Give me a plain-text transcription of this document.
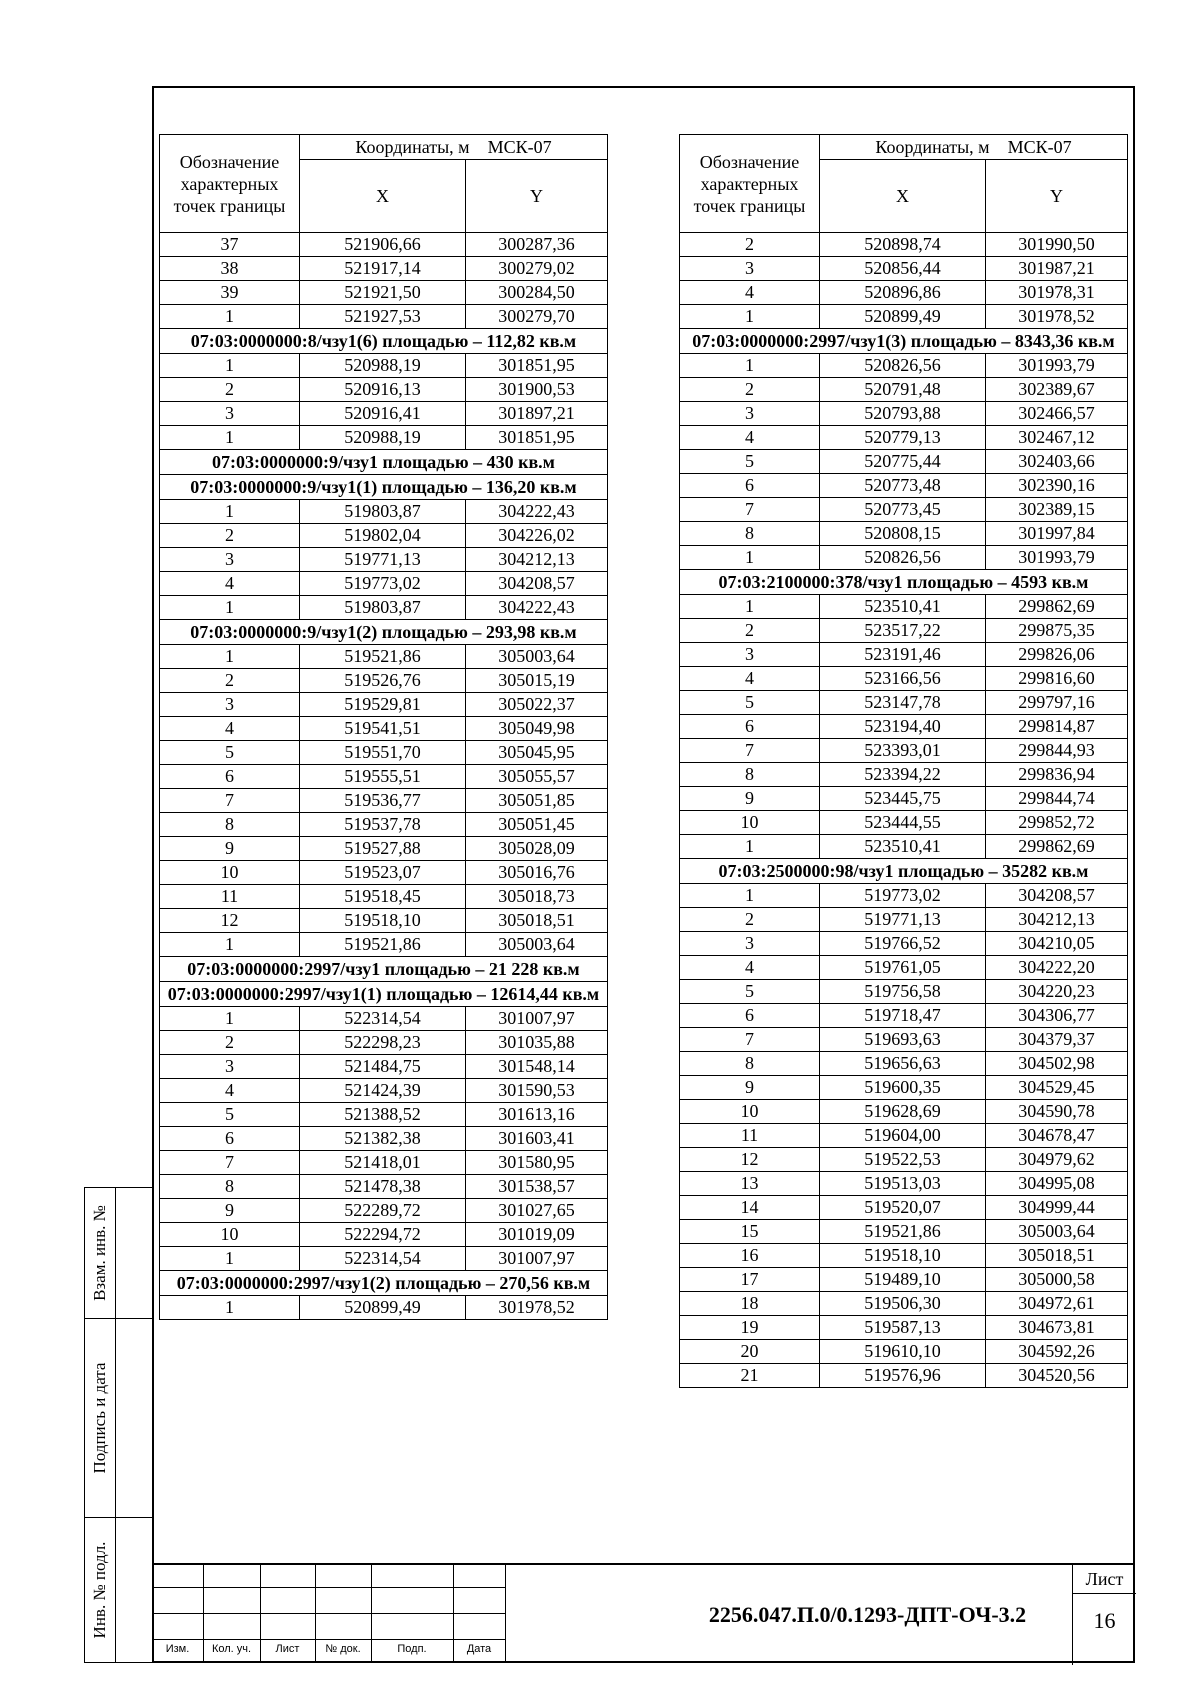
Обозначение характерных точек границы	Координаты, м МСК-07	
	X	Y
37	521906,66	300287,36
38	521917,14	300279,02
39	521921,50	300284,50
1	521927,53	300279,70
07:03:0000000:8/чзу1(6) площадью – 112,82 кв.м		
1	520988,19	301851,95
2	520916,13	301900,53
3	520916,41	301897,21
1	520988,19	301851,95
07:03:0000000:9/чзу1 площадью – 430 кв.м		
07:03:0000000:9/чзу1(1) площадью – 136,20 кв.м		
1	519803,87	304222,43
2	519802,04	304226,02
3	519771,13	304212,13
4	519773,02	304208,57
1	519803,87	304222,43
07:03:0000000:9/чзу1(2) площадью – 293,98 кв.м		
1	519521,86	305003,64
2	519526,76	305015,19
3	519529,81	305022,37
4	519541,51	305049,98
5	519551,70	305045,95
6	519555,51	305055,57
7	519536,77	305051,85
8	519537,78	305051,45
9	519527,88	305028,09
10	519523,07	305016,76
11	519518,45	305018,73
12	519518,10	305018,51
1	519521,86	305003,64
07:03:0000000:2997/чзу1 площадью – 21 228 кв.м		
07:03:0000000:2997/чзу1(1) площадью – 12614,44 кв.м		
1	522314,54	301007,97
2	522298,23	301035,88
3	521484,75	301548,14
4	521424,39	301590,53
5	521388,52	301613,16
6	521382,38	301603,41
7	521418,01	301580,95
8	521478,38	301538,57
9	522289,72	301027,65
10	522294,72	301019,09
1	522314,54	301007,97
07:03:0000000:2997/чзу1(2) площадью – 270,56 кв.м		
1	520899,49	301978,52
Обозначение характерных точек границы	Координаты, м МСК-07	
	X	Y
2	520898,74	301990,50
3	520856,44	301987,21
4	520896,86	301978,31
1	520899,49	301978,52
07:03:0000000:2997/чзу1(3) площадью – 8343,36 кв.м		
1	520826,56	301993,79
2	520791,48	302389,67
3	520793,88	302466,57
4	520779,13	302467,12
5	520775,44	302403,66
6	520773,48	302390,16
7	520773,45	302389,15
8	520808,15	301997,84
1	520826,56	301993,79
07:03:2100000:378/чзу1 площадью – 4593 кв.м		
1	523510,41	299862,69
2	523517,22	299875,35
3	523191,46	299826,06
4	523166,56	299816,60
5	523147,78	299797,16
6	523194,40	299814,87
7	523393,01	299844,93
8	523394,22	299836,94
9	523445,75	299844,74
10	523444,55	299852,72
1	523510,41	299862,69
07:03:2500000:98/чзу1 площадью – 35282 кв.м		
1	519773,02	304208,57
2	519771,13	304212,13
3	519766,52	304210,05
4	519761,05	304222,20
5	519756,58	304220,23
6	519718,47	304306,77
7	519693,63	304379,37
8	519656,63	304502,98
9	519600,35	304529,45
10	519628,69	304590,78
11	519604,00	304678,47
12	519522,53	304979,62
13	519513,03	304995,08
14	519520,07	304999,44
15	519521,86	305003,64
16	519518,10	305018,51
17	519489,10	305000,58
18	519506,30	304972,61
19	519587,13	304673,81
20	519610,10	304592,26
21	519576,96	304520,56
Взам. инв. №
Подпись и дата
Инв. № подл.
Изм.	Кол. уч.	Лист	№ док.	Подп.	Дата
2256.047.П.0/0.1293-ДПТ-ОЧ-3.2
Лист
16
